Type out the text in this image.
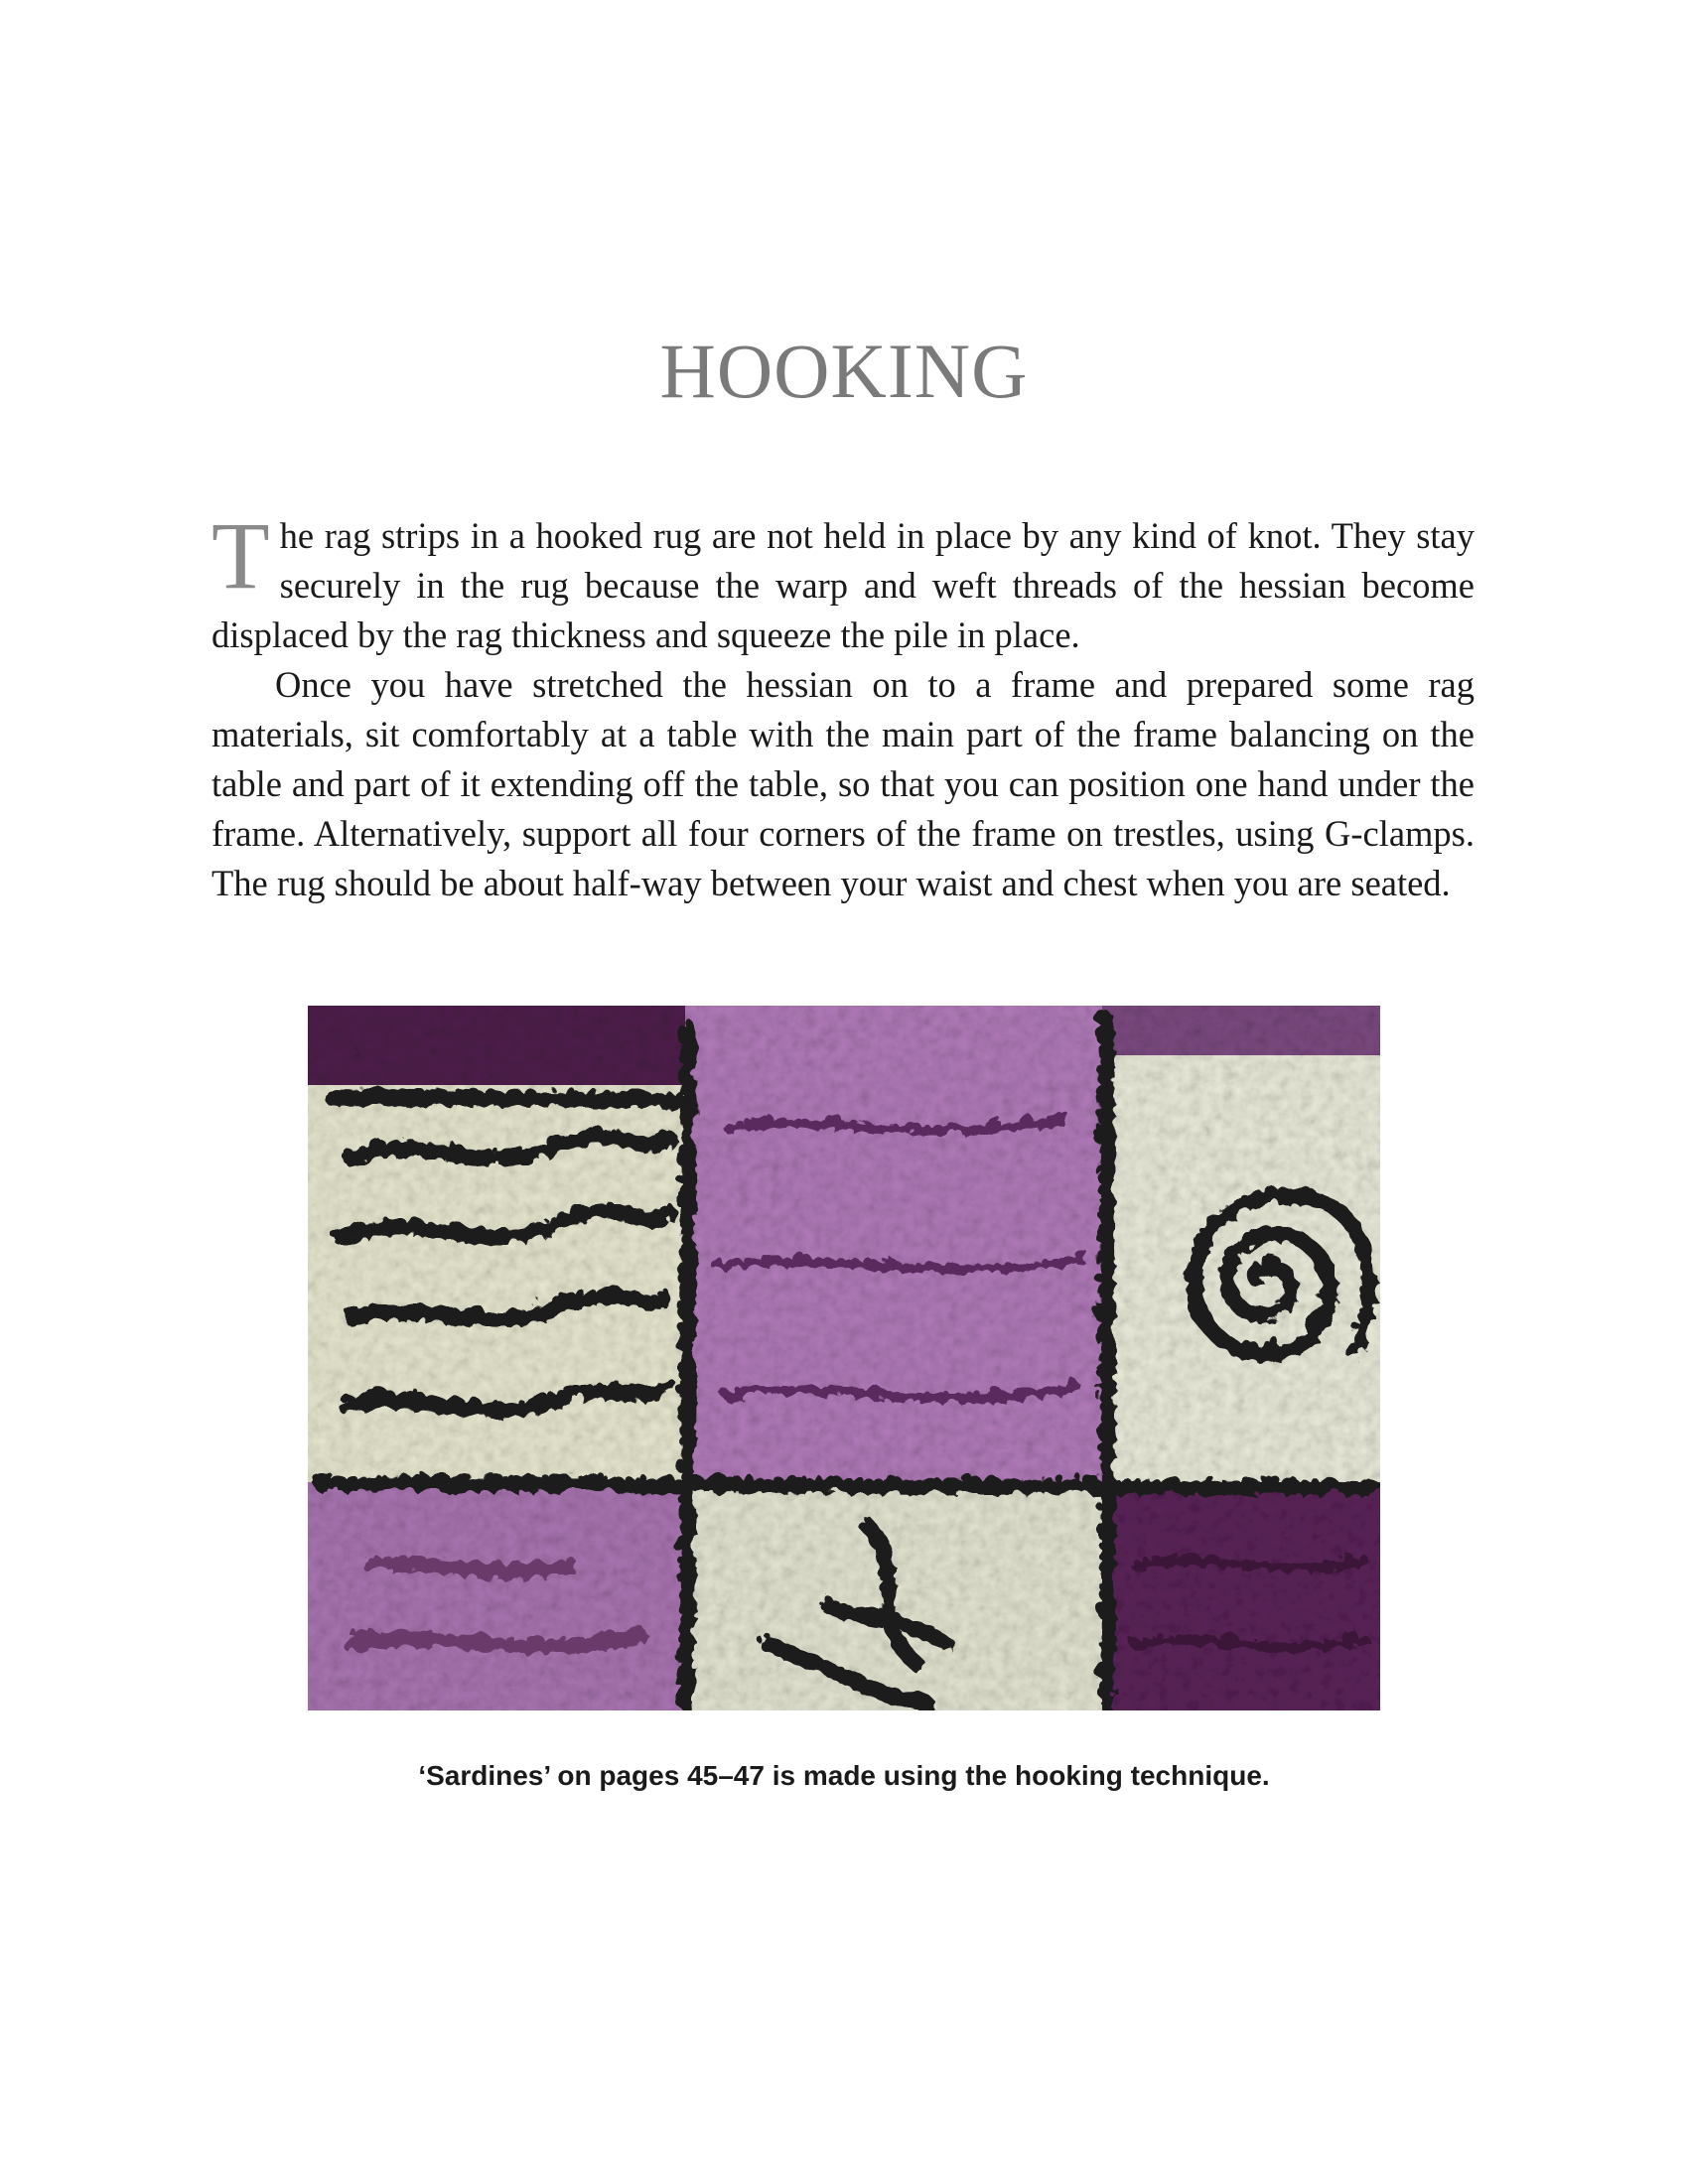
HOOKING

The rag strips in a hooked rug are not held in place by any kind of knot. They stay securely in the rug because the warp and weft threads of the hessian become displaced by the rag thickness and squeeze the pile in place.

Once you have stretched the hessian on to a frame and prepared some rag materials, sit comfortably at a table with the main part of the frame balancing on the table and part of it extending off the table, so that you can position one hand under the frame. Alternatively, support all four corners of the frame on trestles, using G-clamps. The rug should be about half-way between your waist and chest when you are seated.

‘Sardines’ on pages 45–47 is made using the hooking technique.
